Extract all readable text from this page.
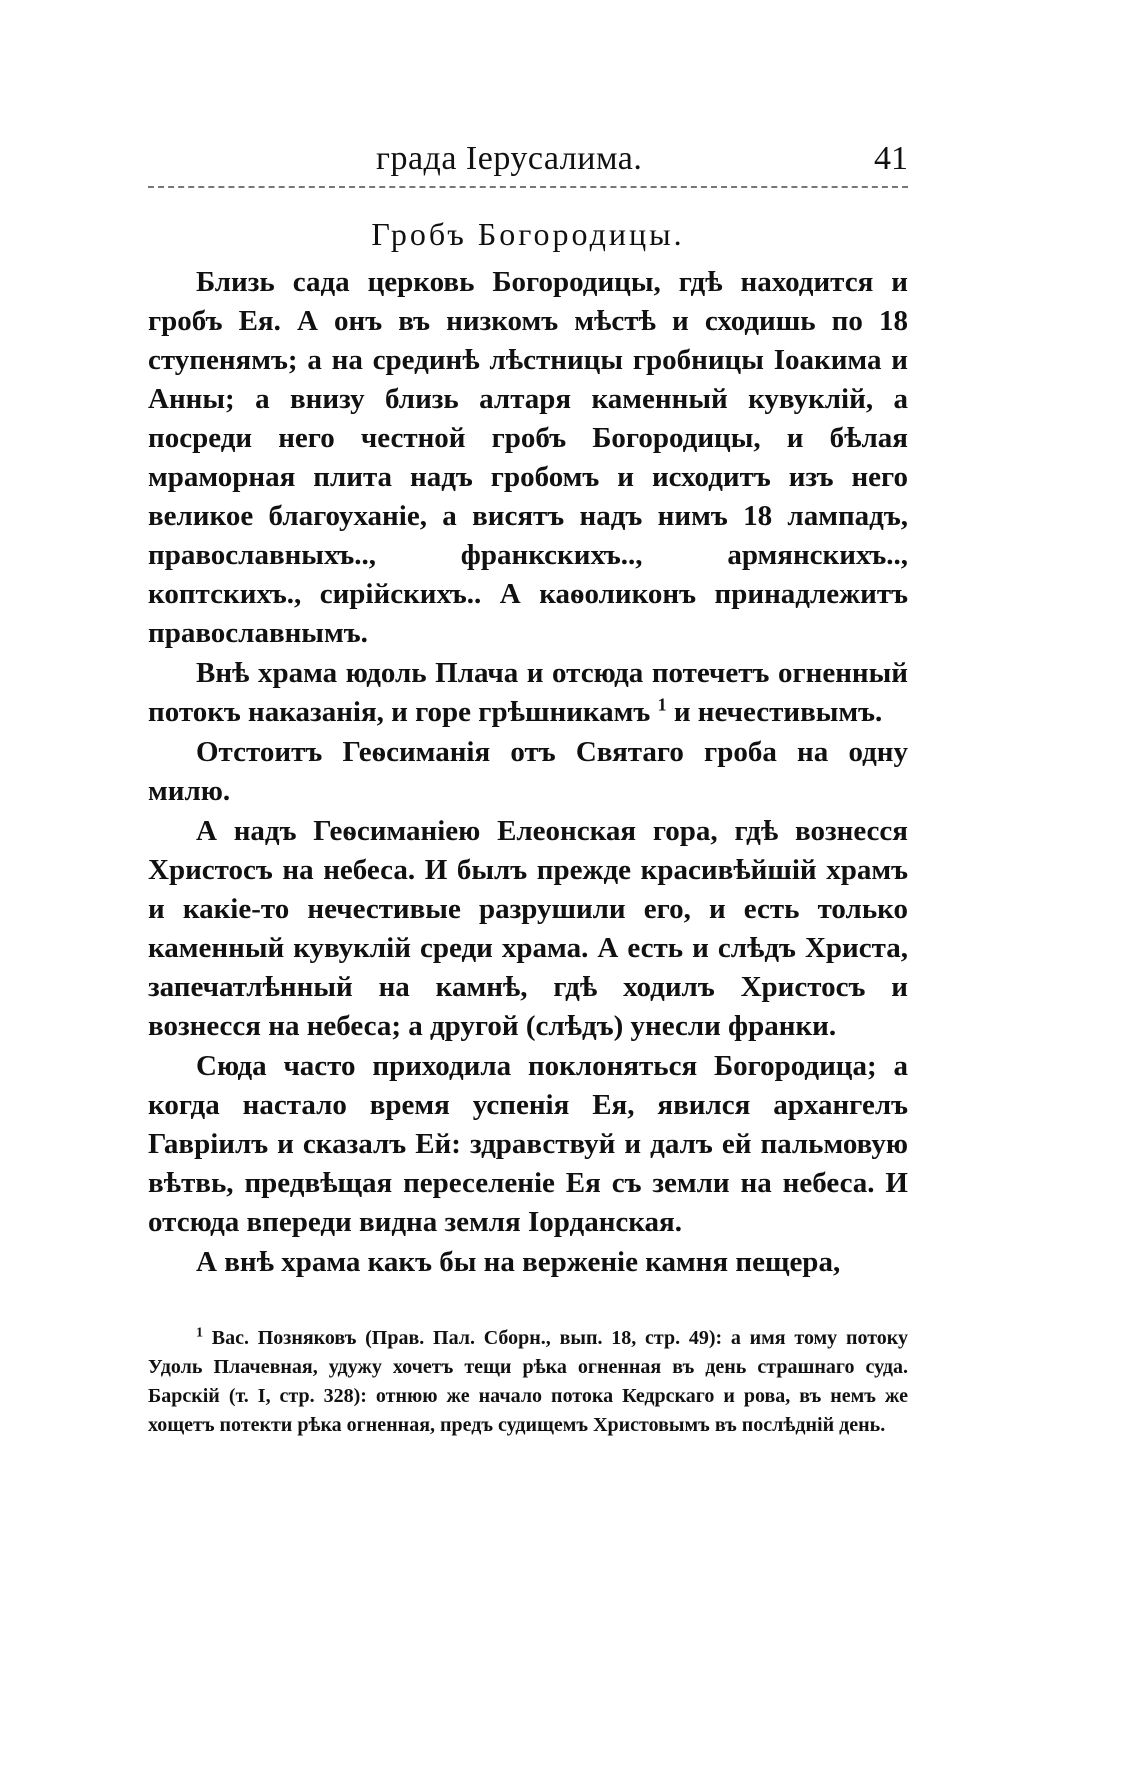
града Іерусалима.	41
Гробъ Богородицы.

Близь сада церковь Богородицы, гдѣ находится и гробъ Ея. А онъ въ низкомъ мѣстѣ и сходишь по 18 ступенямъ; а на срединѣ лѣстницы гробницы Іоакима и Анны; а внизу близь алтаря каменный кувуклій, а посреди него честной гробъ Богородицы, и бѣлая мраморная плита надъ гробомъ и исходитъ изъ него великое благоуханіе, а висятъ надъ нимъ 18 лампадъ, православныхъ.., франкскихъ.., армянскихъ.., коптскихъ., сирійскихъ.. А каѳоликонъ принадлежитъ православнымъ.

Внѣ храма юдоль Плача и отсюда потечетъ огненный потокъ наказанія, и горе грѣшникамъ $^1$ и нечестивымъ.

Отстоитъ Геѳсиманія отъ Святаго гроба на одну милю.

А надъ Геѳсиманіею Елеонская гора, гдѣ вознесся Христосъ на небеса. И былъ прежде красивѣйшій храмъ и какіе-то нечестивые разрушили его, и есть только каменный кувуклій среди храма. А есть и слѣдъ Христа, запечатлѣнный на камнѣ, гдѣ ходилъ Христосъ и вознесся на небеса; а другой (слѣдъ) унесли франки.

Сюда часто приходила поклоняться Богородица; а когда настало время успенія Ея, явился архангелъ Гавріилъ и сказалъ Ей: здравствуй и далъ ей пальмовую вѣтвь, предвѣщая переселеніе Ея съ земли на небеса. И отсюда впереди видна земля Іорданская.

А внѣ храма какъ бы на верженіе камня пещера,

$^1$ Вас. Позняковъ (Прав. Пал. Сборн., вып. 18, стр. 49): а имя тому потоку Удоль Плачевная, удужу хочетъ тещи рѣка огненная въ день страшнаго суда. Барскій (т. I, стр. 328): отнюю же начало потока Кедрскаго и рова, въ немъ же хощетъ потекти рѣка огненная, предъ судищемъ Христовымъ въ послѣдній день.
